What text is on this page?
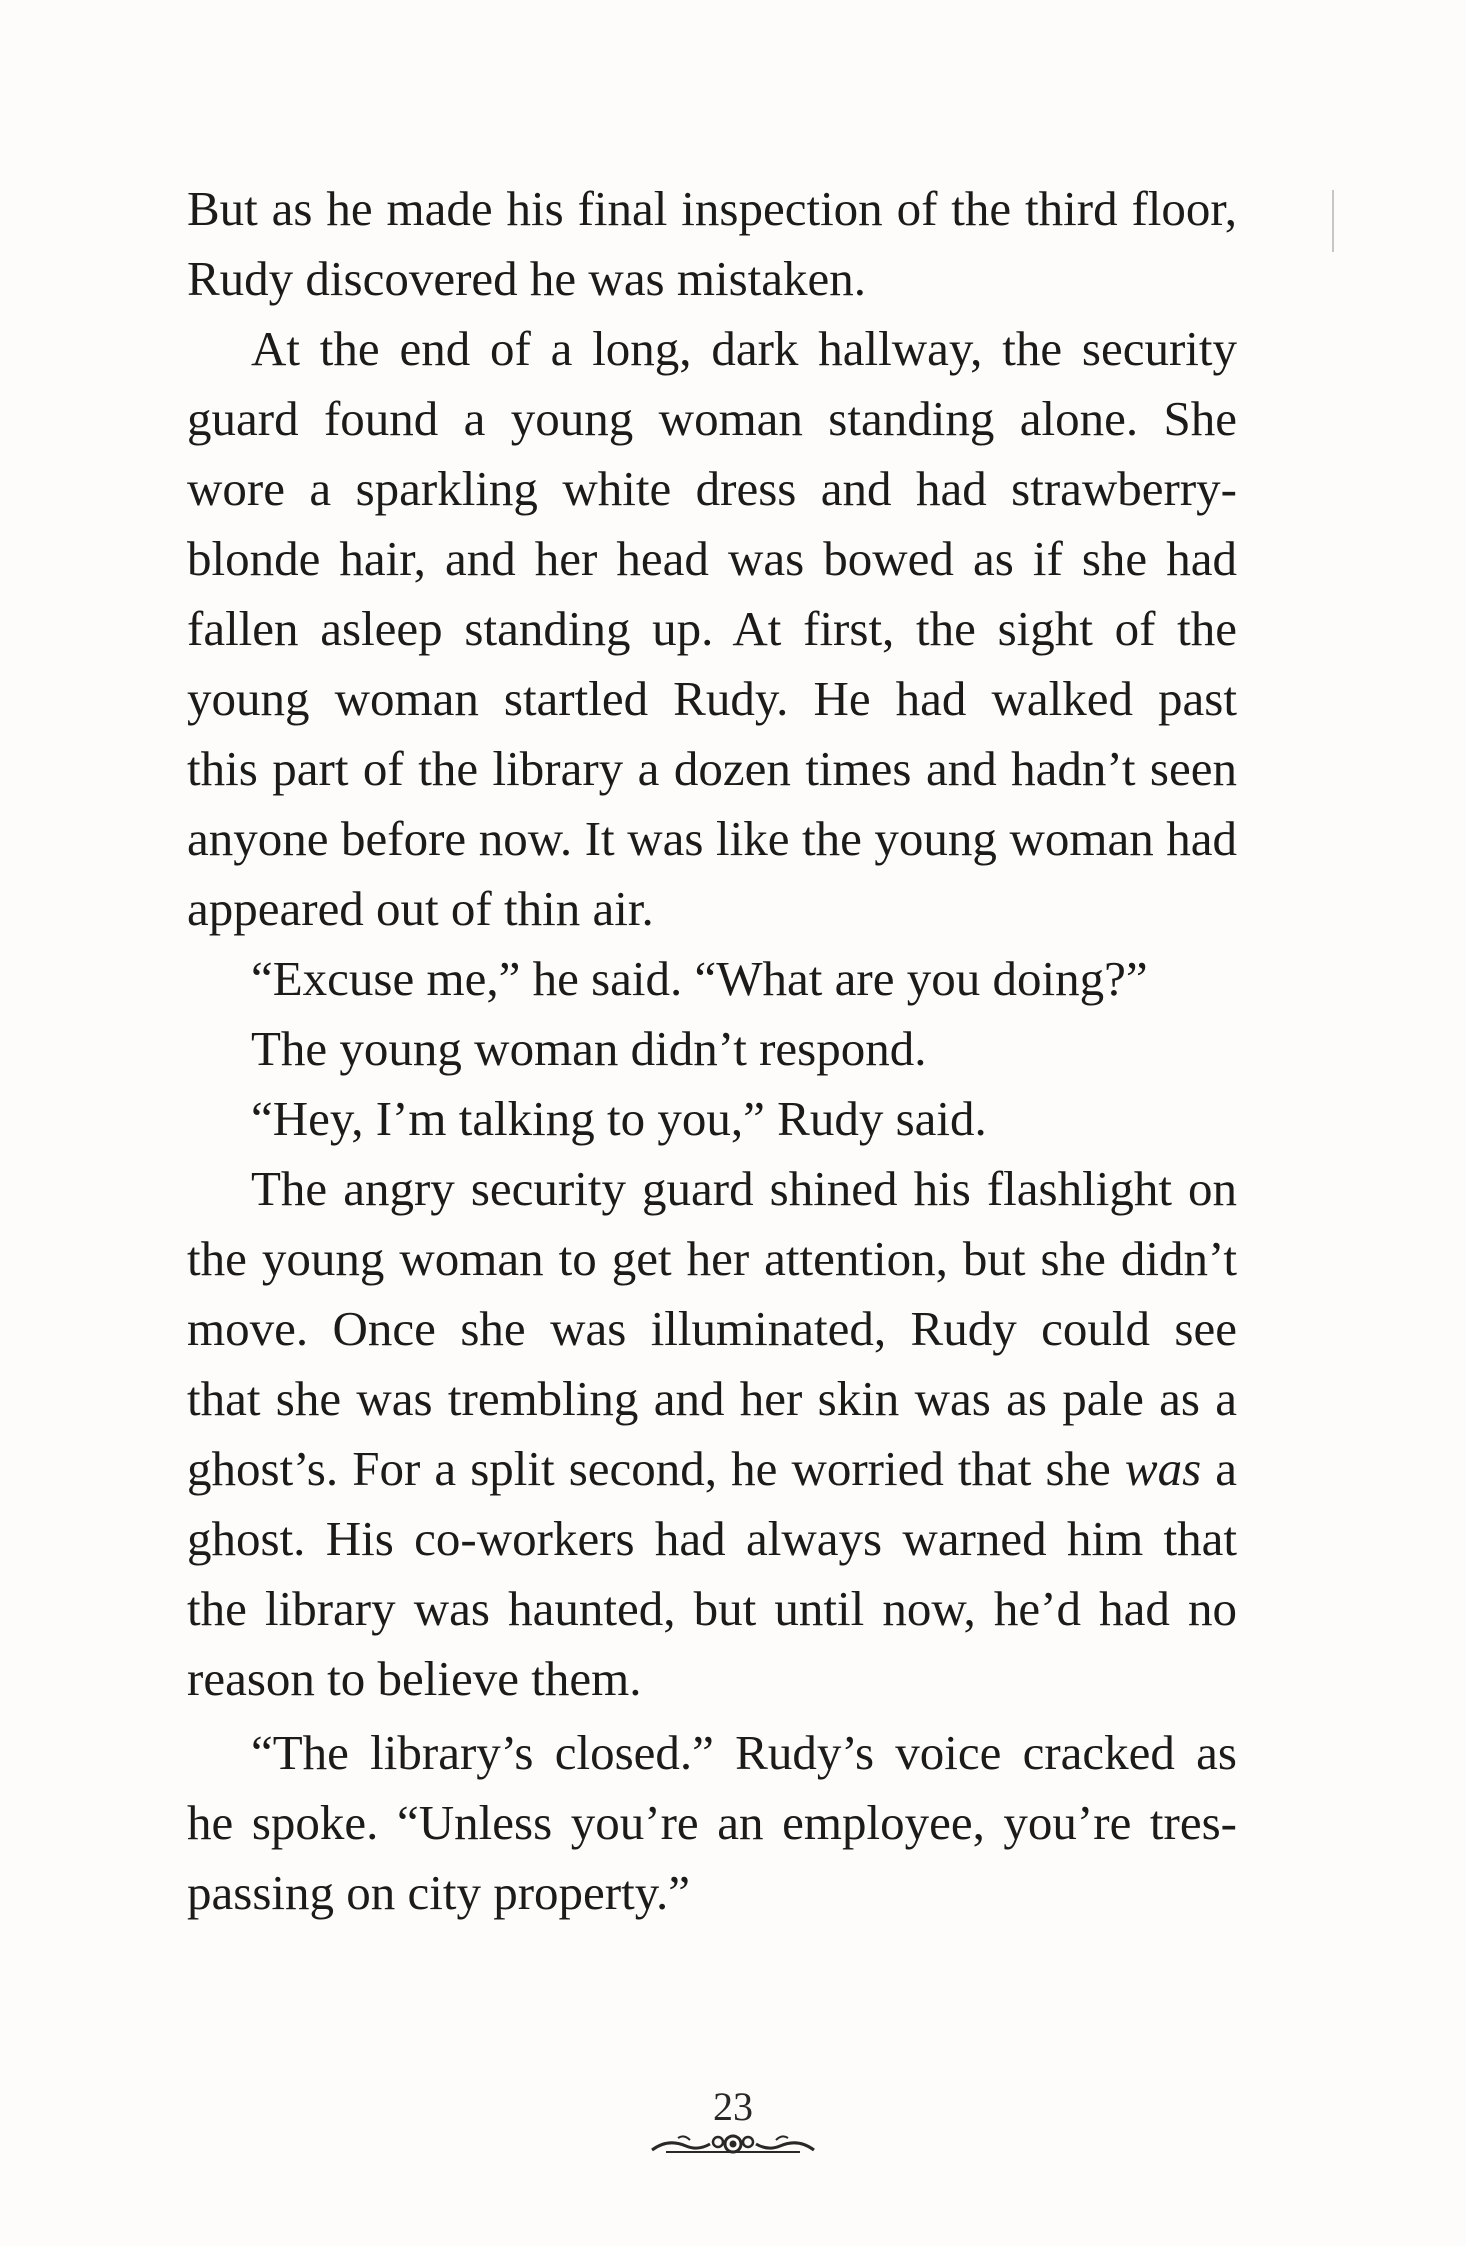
But as he made his final inspection of the third floor,
Rudy discovered he was mistaken.
At the end of a long, dark hallway, the security
guard found a young woman standing alone. She
wore a sparkling white dress and had strawberry-
blonde hair, and her head was bowed as if she had
fallen asleep standing up. At first, the sight of the
young woman startled Rudy. He had walked past
this part of the library a dozen times and hadn’t seen
anyone before now. It was like the young woman had
appeared out of thin air.
“Excuse me,” he said. “What are you doing?”
The young woman didn’t respond.
“Hey, I’m talking to you,” Rudy said.
The angry security guard shined his flashlight on
the young woman to get her attention, but she didn’t
move. Once she was illuminated, Rudy could see
that she was trembling and her skin was as pale as a
ghost’s. For a split second, he worried that she was a
ghost. His co-workers had always warned him that
the library was haunted, but until now, he’d had no
reason to believe them.
“The library’s closed.” Rudy’s voice cracked as
he spoke. “Unless you’re an employee, you’re tres-
passing on city property.”
23
